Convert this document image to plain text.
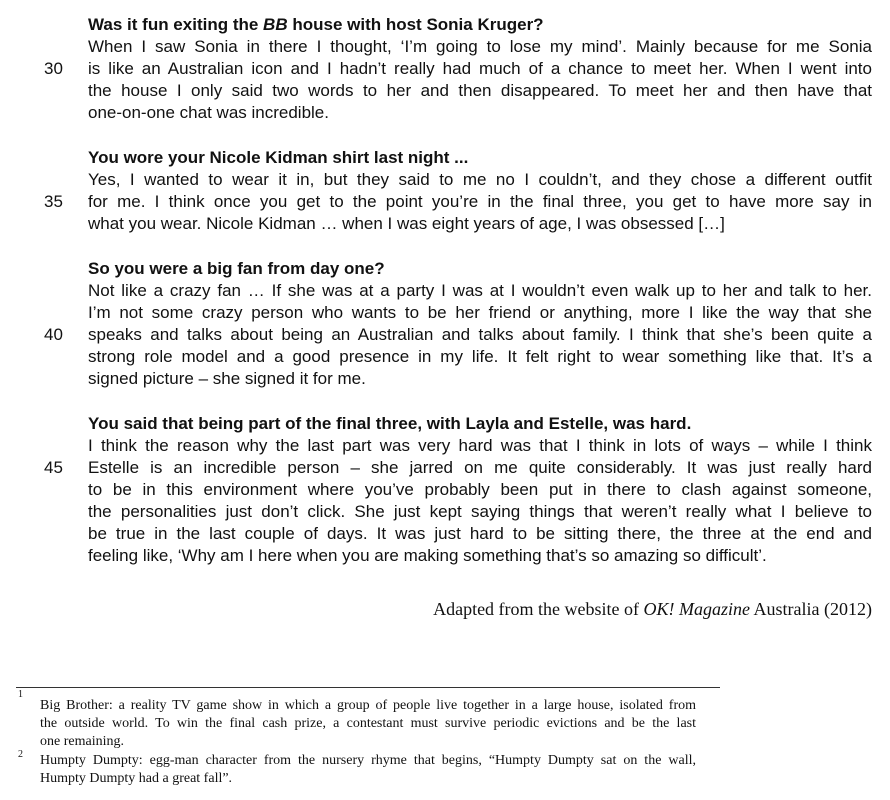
Was it fun exiting the BB house with host Sonia Kruger?
When I saw Sonia in there I thought, ‘I’m going to lose my mind’. Mainly because for me Sonia
30 is like an Australian icon and I hadn’t really had much of a chance to meet her. When I went into
the house I only said two words to her and then disappeared. To meet her and then have that
one-on-one chat was incredible.
You wore your Nicole Kidman shirt last night ...
Yes, I wanted to wear it in, but they said to me no I couldn’t, and they chose a different outfit
35 for me. I think once you get to the point you’re in the final three, you get to have more say in
what you wear. Nicole Kidman … when I was eight years of age, I was obsessed […]
So you were a big fan from day one?
Not like a crazy fan … If she was at a party I was at I wouldn’t even walk up to her and talk to her.
I’m not some crazy person who wants to be her friend or anything, more I like the way that she
40 speaks and talks about being an Australian and talks about family. I think that she’s been quite a
strong role model and a good presence in my life. It felt right to wear something like that. It’s a
signed picture – she signed it for me.
You said that being part of the final three, with Layla and Estelle, was hard.
I think the reason why the last part was very hard was that I think in lots of ways – while I think
45 Estelle is an incredible person – she jarred on me quite considerably. It was just really hard
to be in this environment where you’ve probably been put in there to clash against someone,
the personalities just don’t click. She just kept saying things that weren’t really what I believe to
be true in the last couple of days. It was just hard to be sitting there, the three at the end and
feeling like, ‘Why am I here when you are making something that’s so amazing so difficult’.
Adapted from the website of OK! Magazine Australia (2012)
1
Big Brother: a reality TV game show in which a group of people live together in a large house, isolated from
the outside world. To win the final cash prize, a contestant must survive periodic evictions and be the last
one remaining.
2 Humpty Dumpty: egg-man character from the nursery rhyme that begins, “Humpty Dumpty sat on the wall,
Humpty Dumpty had a great fall”.
